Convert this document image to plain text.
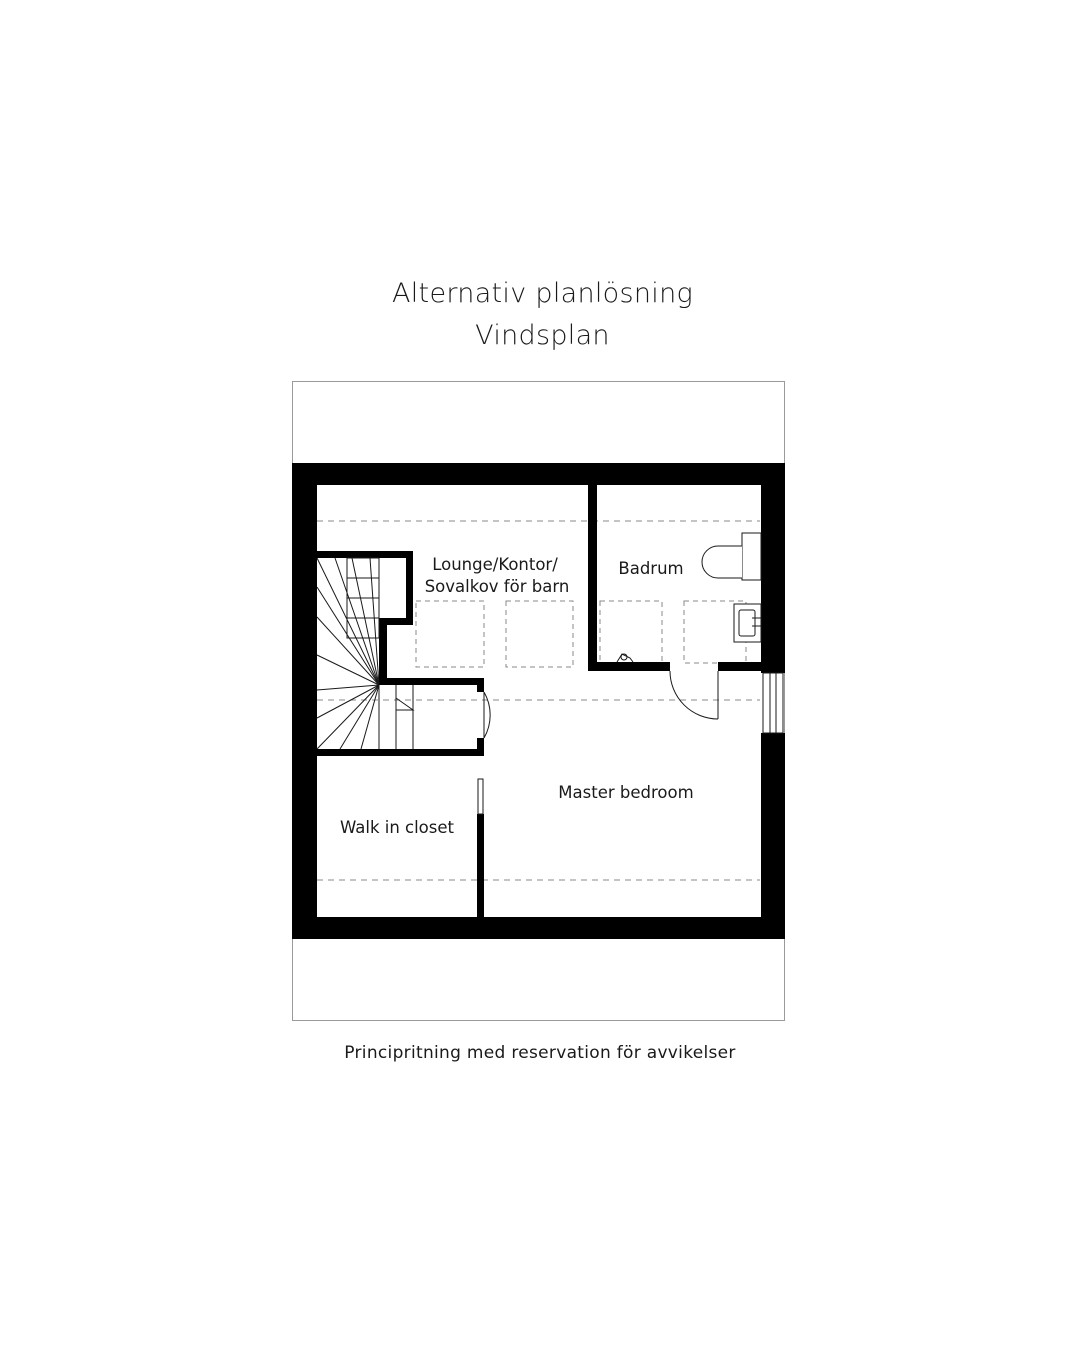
Alternativ planlösning
Vindsplan
Lounge/Kontor/
Sovalkov för barn
Badrum
Master bedroom
Walk in closet
Principritning med reservation för avvikelser
